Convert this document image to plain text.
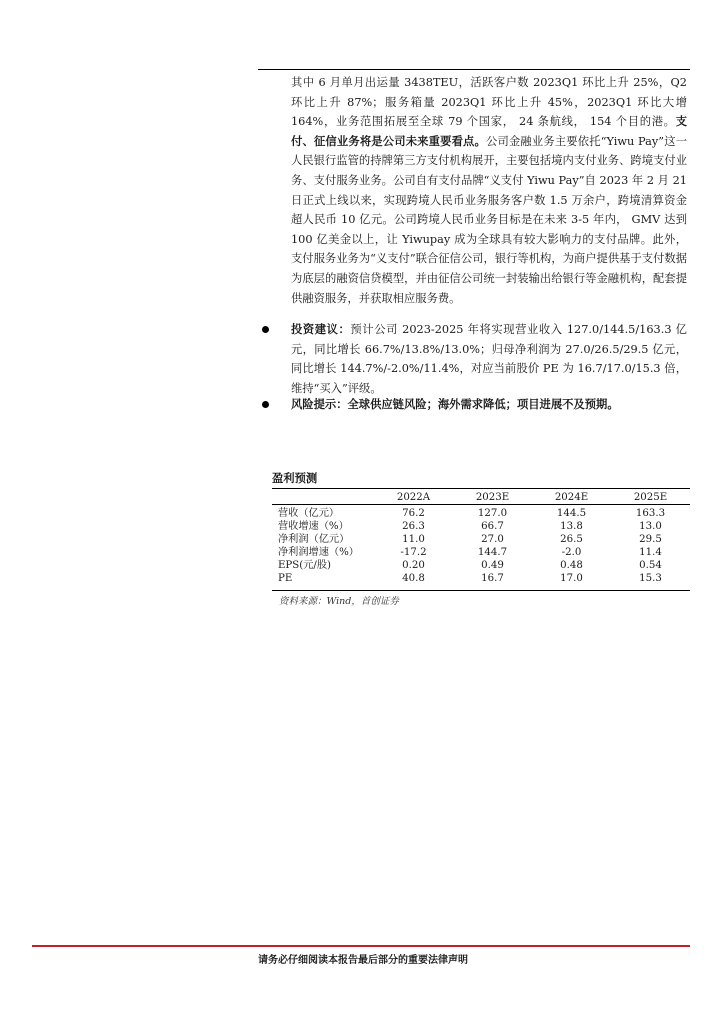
其中 6 月单月出运量 3438TEU，活跃客户数 2023Q1 环比上升 25%，Q2 环比上升 87%；服务箱量 2023Q1 环比上升 45%，2023Q1 环比大增164%，业务范围拓展至全球 79 个国家， 24 条航线， 154 个目的港。支付、征信业务将是公司未来重要看点。公司金融业务主要依托“Yiwu Pay”这一人民银行监管的持牌第三方支付机构展开，主要包括境内支付业务、跨境支付业务、支付服务业务。公司自有支付品牌“义支付 Yiwu Pay”自 2023 年 2 月 21 日正式上线以来，实现跨境人民币业务服务客户数 1.5 万余户，跨境清算资金超人民币 10 亿元。公司跨境人民币业务目标是在未来 3-5 年内， GMV 达到 100 亿美金以上，让 Yiwupay 成为全球具有较大影响力的支付品牌。此外，支付服务业务为“义支付”联合征信公司，银行等机构，为商户提供基于支付数据为底层的融资信贷模型，并由征信公司统一封装输出给银行等金融机构，配套提供融资服务，并获取相应服务费。

投资建议：预计公司 2023-2025 年将实现营业收入 127.0/144.5/163.3 亿元，同比增长 66.7%/13.8%/13.0%；归母净利润为 27.0/26.5/29.5 亿元，同比增长 144.7%/-2.0%/11.4%，对应当前股价 PE 为 16.7/17.0/15.3 倍，维持“买入”评级。

风险提示：全球供应链风险；海外需求降低；项目进展不及预期。

盈利预测
	2022A	2023E	2024E	2025E

营收（亿元）	76.2	127.0	144.5	163.3
营收增速（%）	26.3	66.7	13.8	13.0
净利润（亿元）	11.0	27.0	26.5	29.5
净利润增速（%）	-17.2	144.7	-2.0	11.4
EPS(元/股)	0.20	0.49	0.48	0.54
PE	40.8	16.7	17.0	15.3
资料来源：Wind，首创证券
请务必仔细阅读本报告最后部分的重要法律声明
